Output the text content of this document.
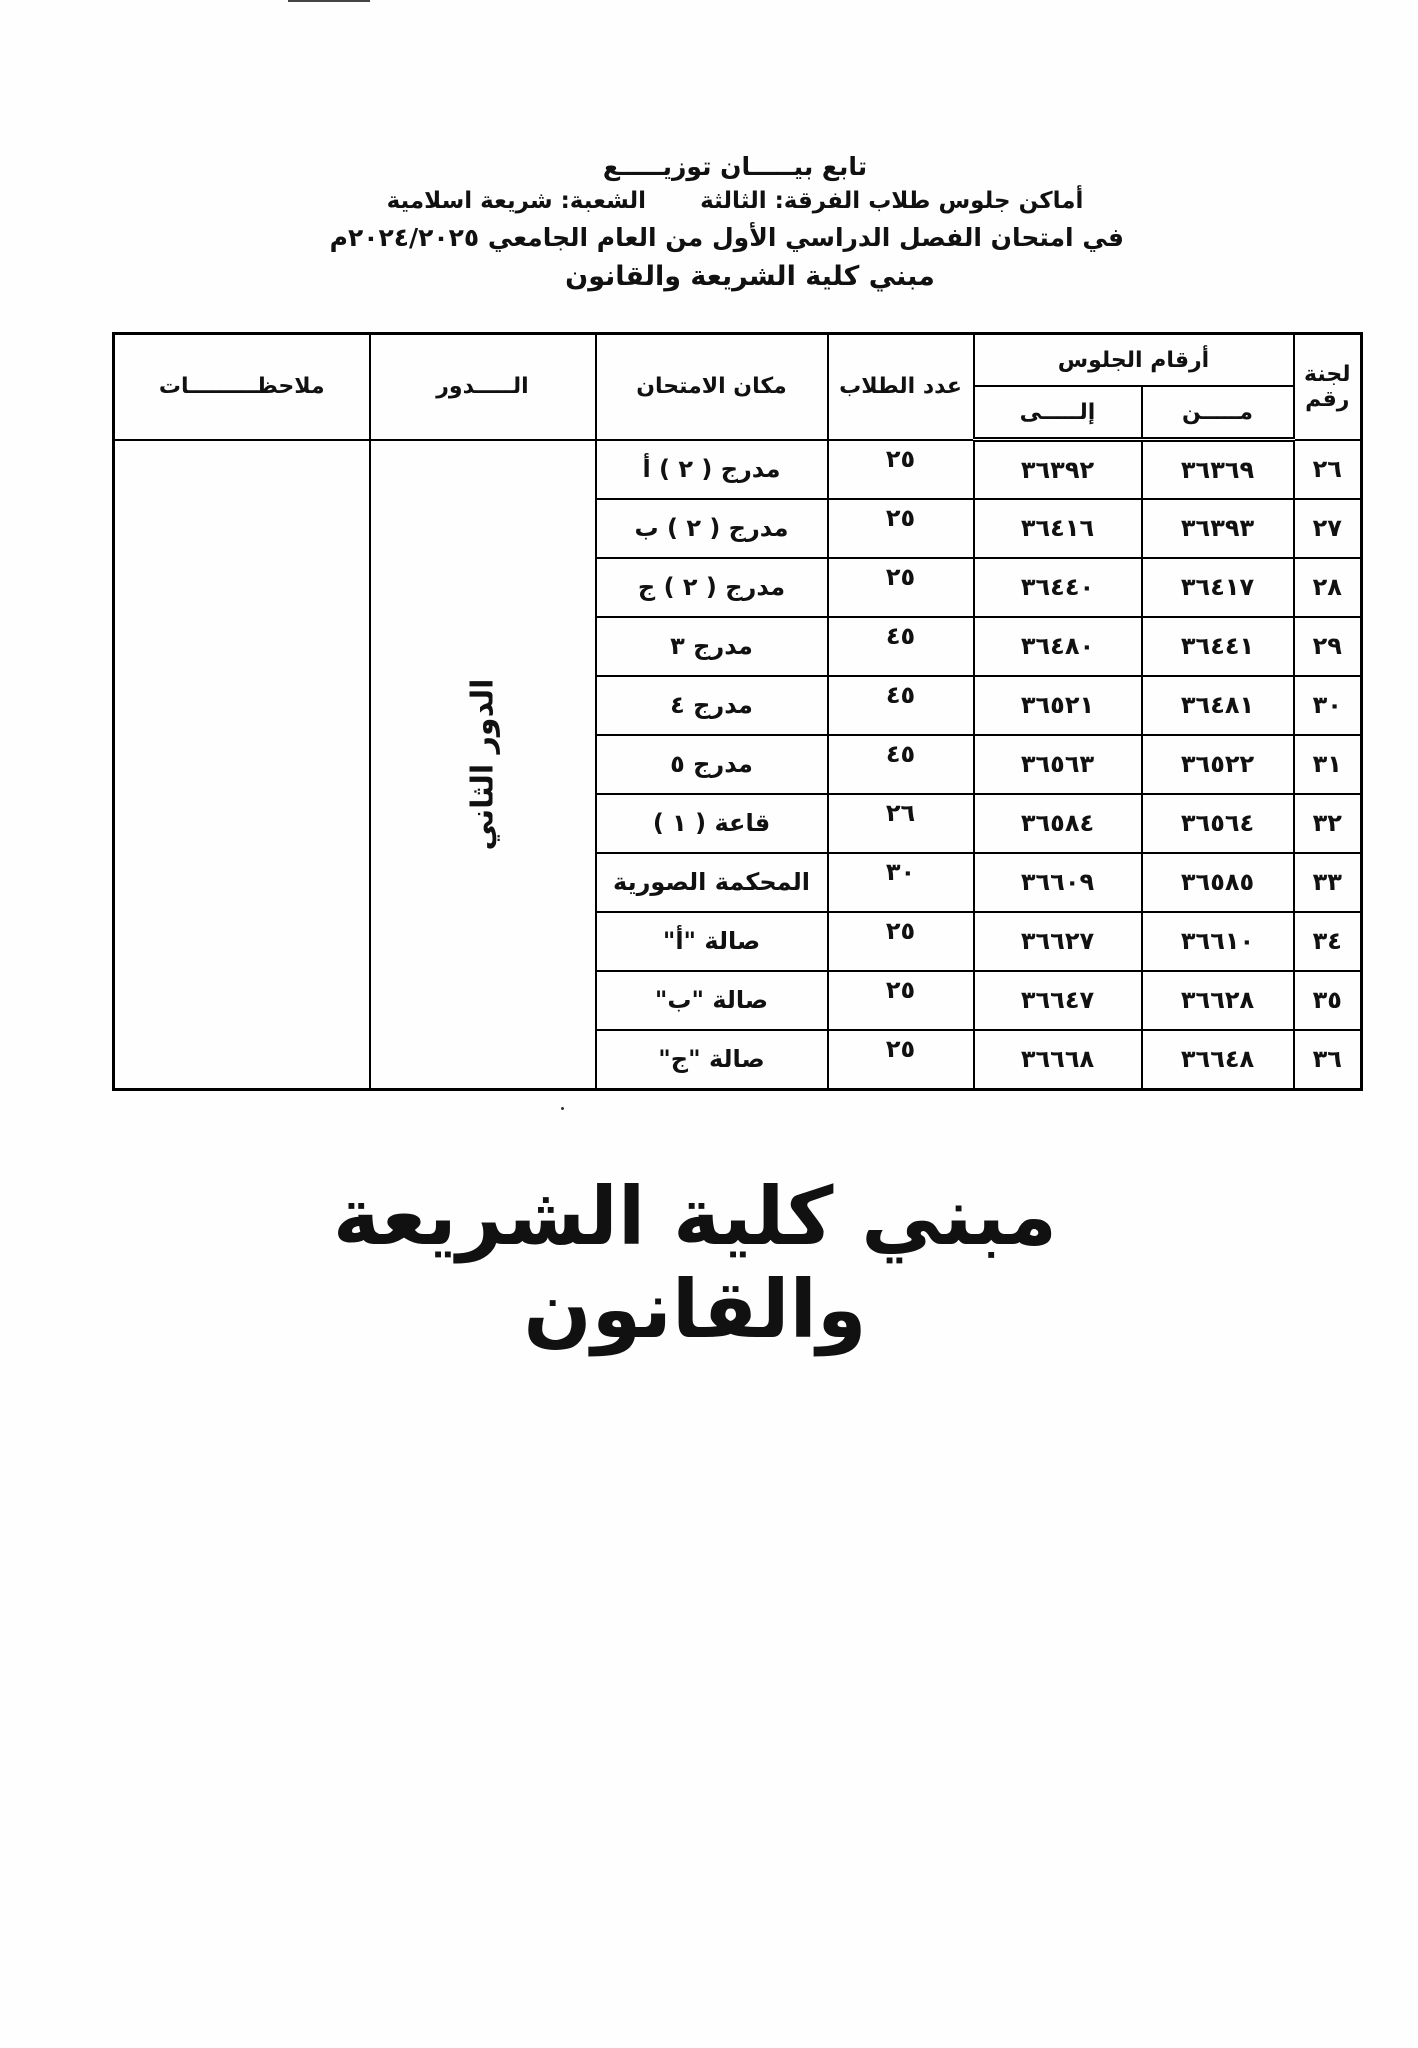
تابع بيـــــان توزيـــــع
أماكن جلوس طلاب الفرقة: الثالثة الشعبة: شريعة اسلامية
في امتحان الفصل الدراسي الأول من العام الجامعي ٢٠٢٤/٢٠٢٥م
مبني كلية الشريعة والقانون
لجنة رقم	أرقام الجلوس		عدد الطلاب	مكان الامتحان	الـــــدور	ملاحظـــــــــات
	مـــــن	إلـــــى				
٢٦	٣٦٣٦٩	٣٦٣٩٢	٢٥	مدرج ( ٢ ) أ	الدور الثاني	
٢٧	٣٦٣٩٣	٣٦٤١٦	٢٥	مدرج ( ٢ ) ب		
٢٨	٣٦٤١٧	٣٦٤٤٠	٢٥	مدرج ( ٢ ) ج		
٢٩	٣٦٤٤١	٣٦٤٨٠	٤٥	مدرج ٣		
٣٠	٣٦٤٨١	٣٦٥٢١	٤٥	مدرج ٤		
٣١	٣٦٥٢٢	٣٦٥٦٣	٤٥	مدرج ٥		
٣٢	٣٦٥٦٤	٣٦٥٨٤	٢٦	قاعة ( ١ )		
٣٣	٣٦٥٨٥	٣٦٦٠٩	٣٠	المحكمة الصورية		
٣٤	٣٦٦١٠	٣٦٦٢٧	٢٥	صالة "أ"		
٣٥	٣٦٦٢٨	٣٦٦٤٧	٢٥	صالة "ب"		
٣٦	٣٦٦٤٨	٣٦٦٦٨	٢٥	صالة "ج"		
مبني كلية الشريعة والقانون
